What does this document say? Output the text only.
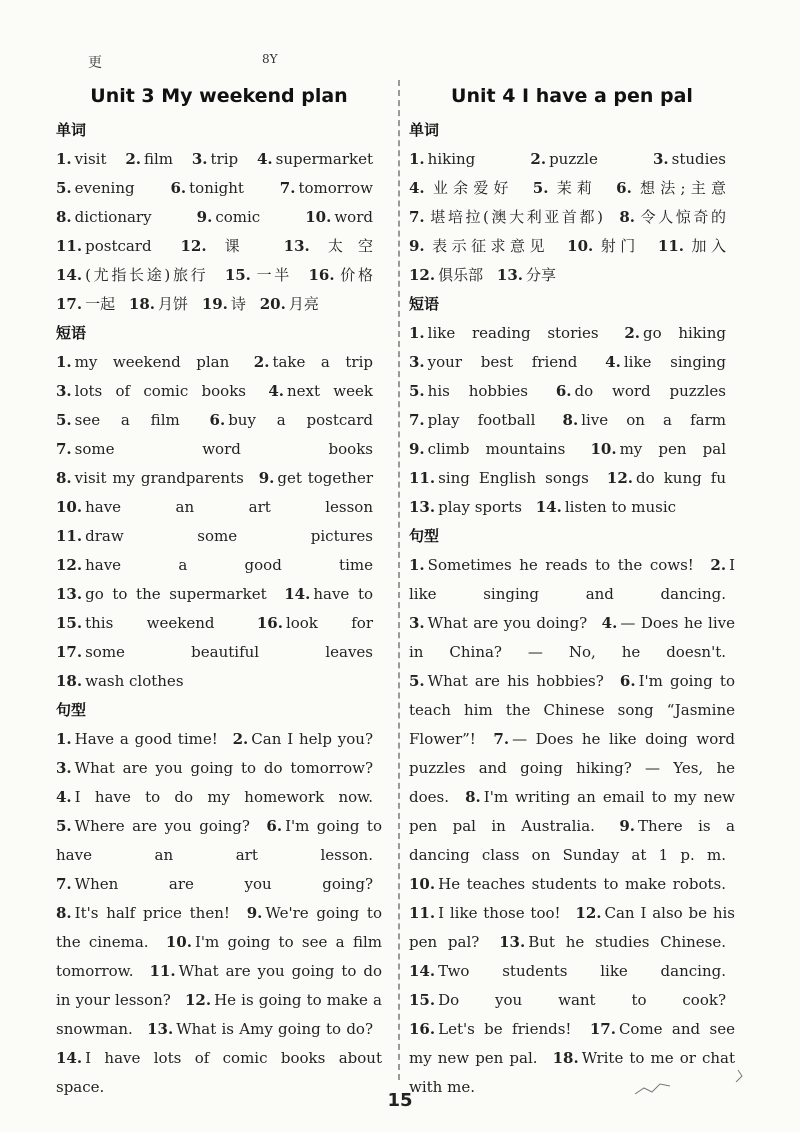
更	8Y
Unit 3 My weekend plan
单词
1. visit 2. film 3. trip 4. supermarket 5. evening 6. tonight 7. tomorrow 8. dictionary	9. comic	10. word 11. postcard 12. 课 13. 太空 14. (尤指长途)旅行 15. 一半 16. 价格 17. 一起 18. 月饼 19. 诗 20. 月亮
短语
1. my weekend plan 2. take a trip 3. lots of comic books 4. next week 5. see a film 6. buy a postcard 7. some word books 8. visit my grandparents 9. get together 10. have an art lesson 11. draw some pictures 12. have a good time 13. go to the supermarket 14. have to 15. this weekend	16. look for 17. some beautiful leaves 18. wash clothes
句型
1. Have a good time! 2. Can I help you? 3. What are you going to do tomorrow? 4. I have to do my homework now. 5. Where are you going? 6. I'm going to have an art lesson. 7. When are you going? 8. It's half price then! 9. We're going to the cinema. 10. I'm going to see a film tomorrow. 11. What are you going to do in your lesson? 12. He is going to make a snowman. 13. What is Amy going to do? 14. I have lots of comic books about space.
Unit 4 I have a pen pal
单词
1. hiking	2. puzzle	3. studies 4. 业余爱好 5. 茉莉 6. 想法;主意 7. 堪培拉(澳大利亚首都) 8. 令人惊奇的 9. 表示征求意见 10. 射门 11. 加入 12. 俱乐部 13. 分享
短语
1. like reading stories 2. go hiking 3. your best friend 4. like singing 5. his hobbies 6. do word puzzles 7. play football 8. live on a farm 9. climb mountains 10. my pen pal 11. sing English songs 12. do kung fu 13. play sports 14. listen to music
句型
1. Sometimes he reads to the cows! 2. I like singing and dancing. 3. What are you doing? 4. — Does he live in China? — No, he doesn't. 5. What are his hobbies? 6. I'm going to teach him the Chinese song “Jasmine Flower”! 7. — Does he like doing word puzzles and going hiking? — Yes, he does. 8. I'm writing an email to my new pen pal in Australia. 9. There is a dancing class on Sunday at 1 p. m. 10. He teaches students to make robots. 11. I like those too! 12. Can I also be his pen pal? 13. But he studies Chinese. 14. Two students like dancing. 15. Do you want to cook? 16. Let's be friends! 17. Come and see my new pen pal. 18. Write to me or chat with me.
15
